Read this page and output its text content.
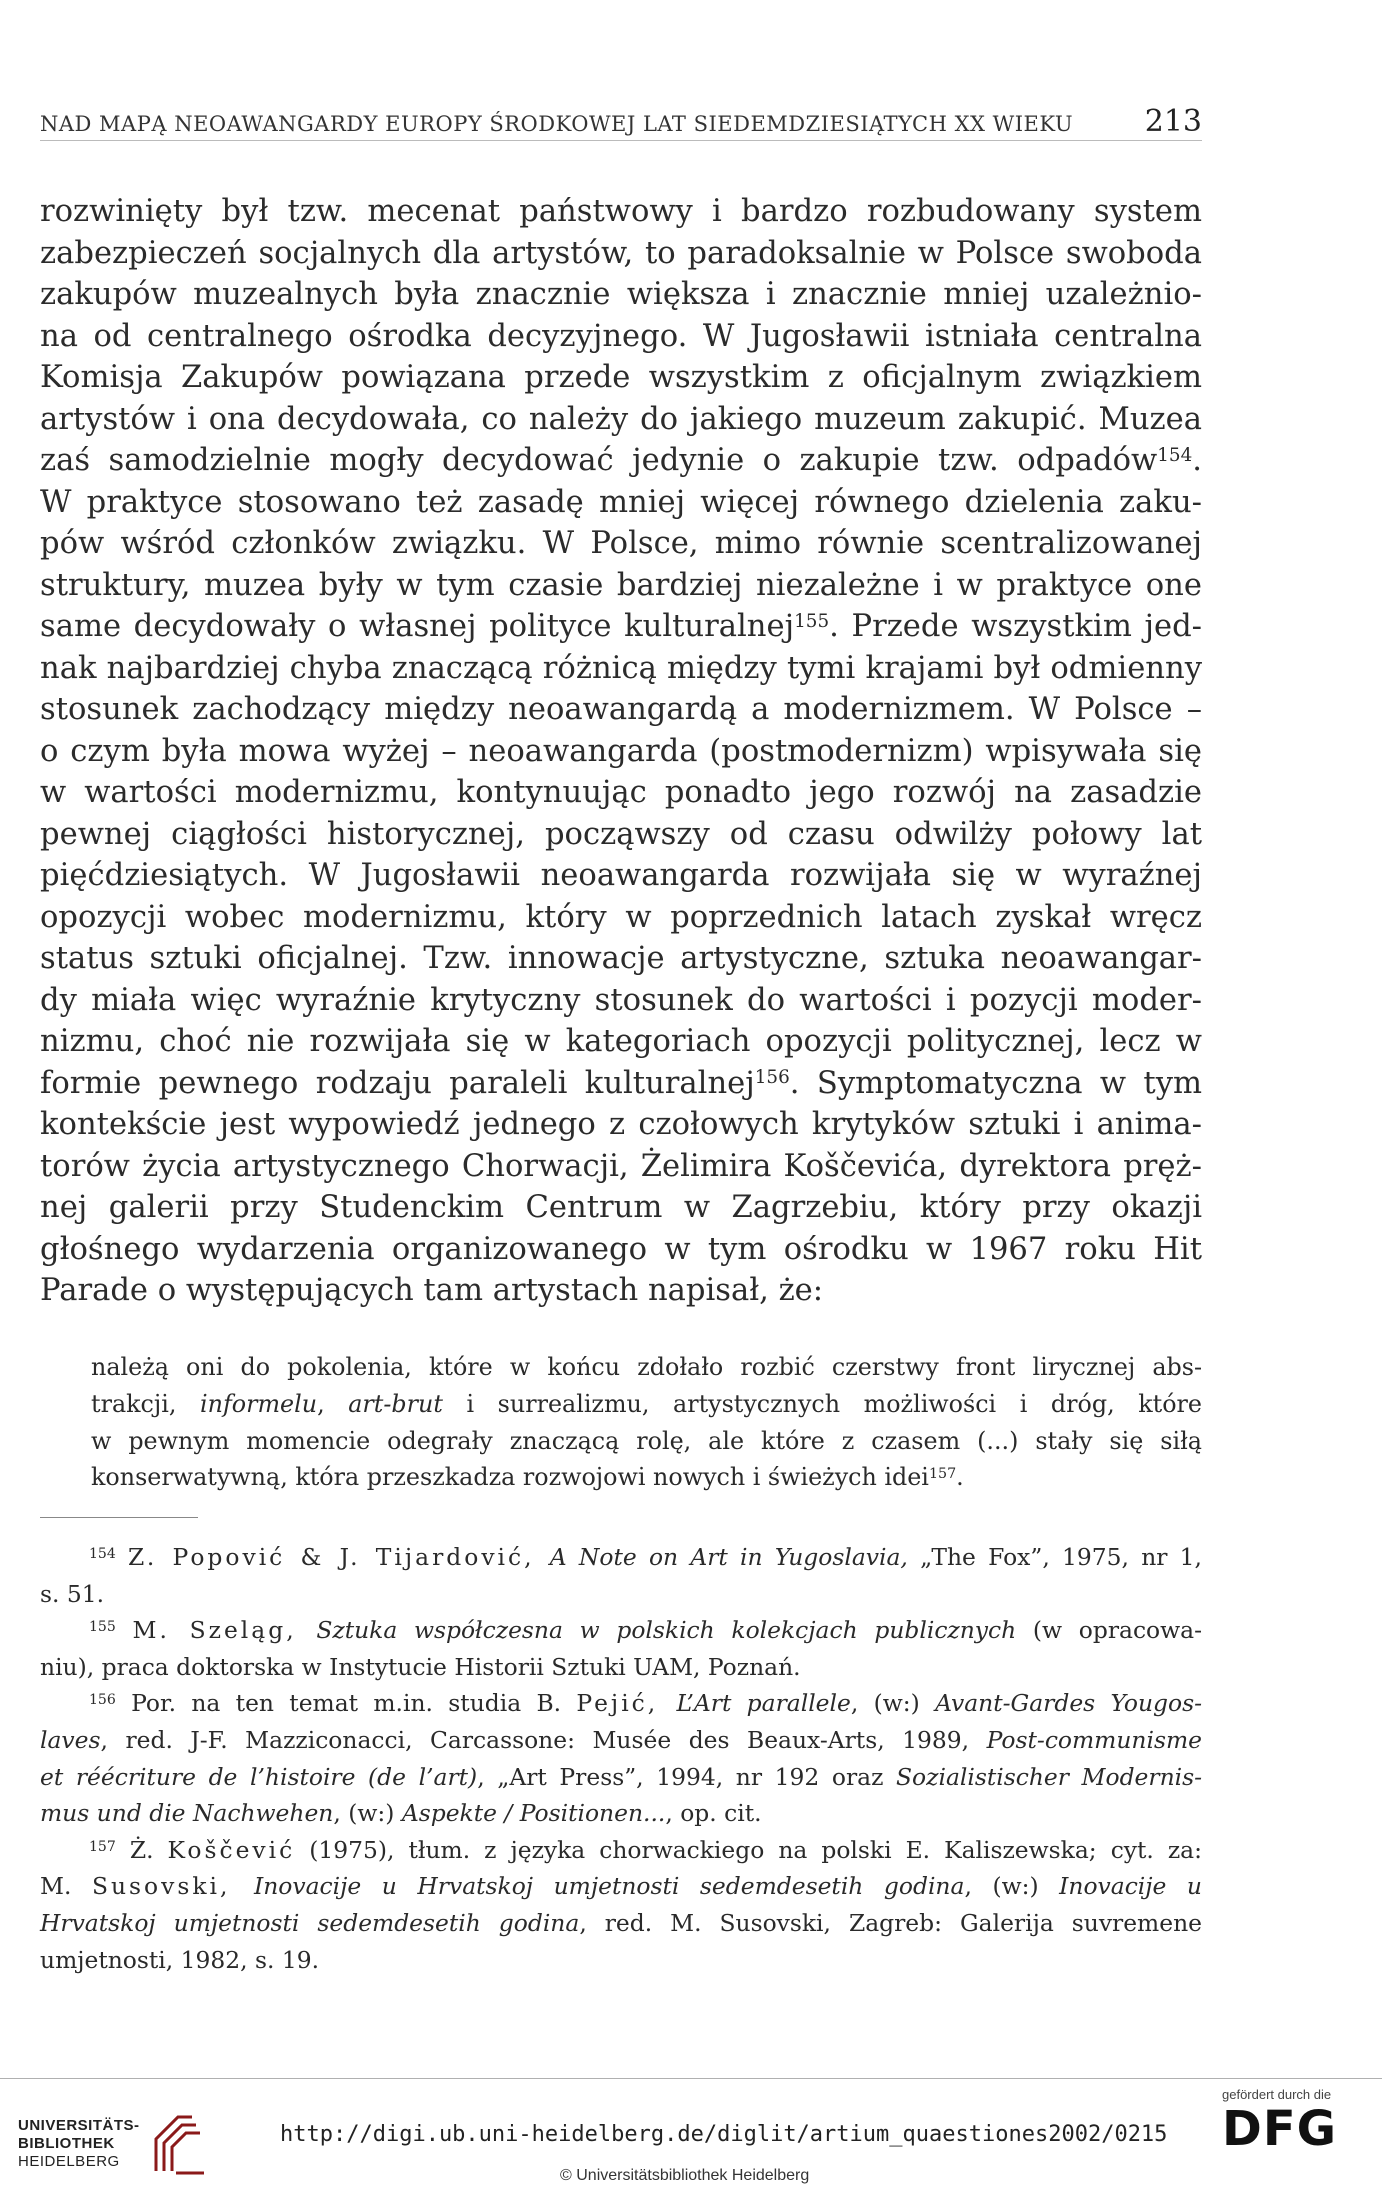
NAD MAPĄ NEOAWANGARDY EUROPY ŚRODKOWEJ LAT SIEDEMDZIESIĄTYCH XX WIEKU 213
rozwinięty był tzw. mecenat państwowy i bardzo rozbudowany system
zabezpieczeń socjalnych dla artystów, to paradoksalnie w Polsce swoboda
zakupów muzealnych była znacznie większa i znacznie mniej uzależnio-
na od centralnego ośrodka decyzyjnego. W Jugosławii istniała centralna
Komisja Zakupów powiązana przede wszystkim z oficjalnym związkiem
artystów i ona decydowała, co należy do jakiego muzeum zakupić. Muzea
zaś samodzielnie mogły decydować jedynie o zakupie tzw. odpadów$^{154}$.
W praktyce stosowano też zasadę mniej więcej równego dzielenia zaku-
pów wśród członków związku. W Polsce, mimo równie scentralizowanej
struktury, muzea były w tym czasie bardziej niezależne i w praktyce one
same decydowały o własnej polityce kulturalnej$^{155}$. Przede wszystkim jed-
nak najbardziej chyba znaczącą różnicą między tymi krajami był odmienny
stosunek zachodzący między neoawangardą a modernizmem. W Polsce –
o czym była mowa wyżej – neoawangarda (postmodernizm) wpisywała się
w wartości modernizmu, kontynuując ponadto jego rozwój na zasadzie
pewnej ciągłości historycznej, począwszy od czasu odwilży połowy lat
pięćdziesiątych. W Jugosławii neoawangarda rozwijała się w wyraźnej
opozycji wobec modernizmu, który w poprzednich latach zyskał wręcz
status sztuki oficjalnej. Tzw. innowacje artystyczne, sztuka neoawangar-
dy miała więc wyraźnie krytyczny stosunek do wartości i pozycji moder-
nizmu, choć nie rozwijała się w kategoriach opozycji politycznej, lecz w
formie pewnego rodzaju paraleli kulturalnej$^{156}$. Symptomatyczna w tym
kontekście jest wypowiedź jednego z czołowych krytyków sztuki i anima-
torów życia artystycznego Chorwacji, Żelimira Koščevića, dyrektora pręż-
nej galerii przy Studenckim Centrum w Zagrzebiu, który przy okazji
głośnego wydarzenia organizowanego w tym ośrodku w 1967 roku Hit
Parade o występujących tam artystach napisał, że:
należą oni do pokolenia, które w końcu zdołało rozbić czerstwy front lirycznej abs-
trakcji, informelu, art-brut i surrealizmu, artystycznych możliwości i dróg, które
w pewnym momencie odegrały znaczącą rolę, ale które z czasem (...) stały się siłą
konserwatywną, która przeszkadza rozwojowi nowych i świeżych idei$^{157}$.
$^{154}$ Z. Popović & J. Tijardović, A Note on Art in Yugoslavia, „The Fox”, 1975, nr 1,
s. 51.
$^{155}$ M. Szeląg, Sztuka współczesna w polskich kolekcjach publicznych (w opracowa-
niu), praca doktorska w Instytucie Historii Sztuki UAM, Poznań.
$^{156}$ Por. na ten temat m.in. studia B. Pejić, L’Art parallele, (w:) Avant-Gardes Yougos-
laves, red. J-F. Mazziconacci, Carcassone: Musée des Beaux-Arts, 1989, Post-communisme
et réécriture de l’histoire (de l’art), „Art Press”, 1994, nr 192 oraz Sozialistischer Modernis-
mus und die Nachwehen, (w:) Aspekte / Positionen..., op. cit.
$^{157}$ Ż. Koščević (1975), tłum. z języka chorwackiego na polski E. Kaliszewska; cyt. za:
M. Susovski, Inovacije u Hrvatskoj umjetnosti sedemdesetih godina, (w:) Inovacije u
Hrvatskoj umjetnosti sedemdesetih godina, red. M. Susovski, Zagreb: Galerija suvremene
umjetnosti, 1982, s. 19.
UNIVERSITÄTS-
BIBLIOTHEK
HEIDELBERG
http://digi.ub.uni-heidelberg.de/diglit/artium_quaestiones2002/0215
© Universitätsbibliothek Heidelberg
gefördert durch die
DFG
